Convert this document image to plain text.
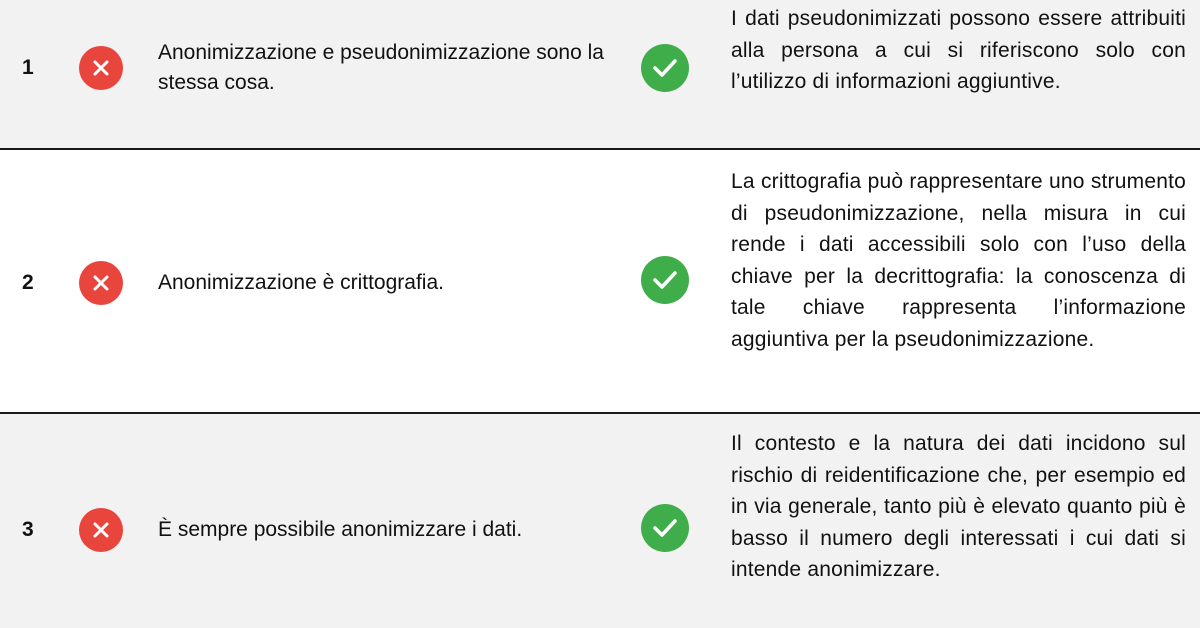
1
Anonimizzazione e pseudonimizzazione sono la stessa cosa.
I dati pseudonimizzati possono essere attribuiti alla persona a cui si riferiscono solo con l’utilizzo di informazioni aggiuntive.
2	Anonimizzazione è crittografia.
La crittografia può rappresentare uno strumento di pseudonimizzazione, nella misura in cui rende i dati accessibili solo con l’uso della chiave per la decrittografia: la conoscenza di tale chiave rappresenta l’informazione aggiuntiva per la pseudonimizzazione.
3	È sempre possibile anonimizzare i dati.
Il contesto e la natura dei dati incidono sul rischio di reidentificazione che, per esempio ed in via generale, tanto più è elevato quanto più è basso il numero degli interessati i cui dati si intende anonimizzare.
